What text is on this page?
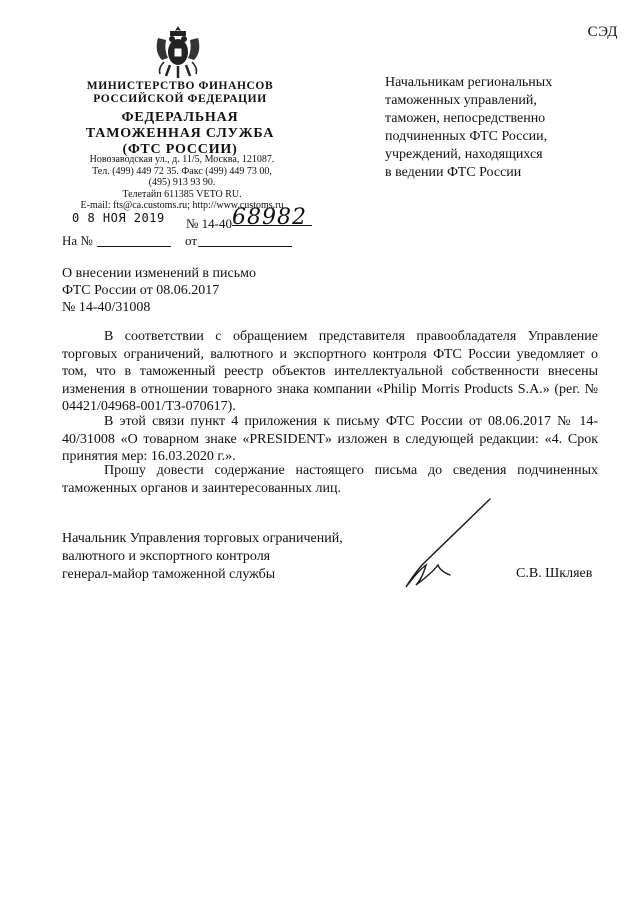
СЭД
МИНИСТЕРСТВО ФИНАНСОВ
РОССИЙСКОЙ ФЕДЕРАЦИИ
ФЕДЕРАЛЬНАЯ
ТАМОЖЕННАЯ СЛУЖБА
(ФТС РОССИИ)
Новозаводская ул., д. 11/5, Москва, 121087.
Тел. (499) 449 72 35. Факс (499) 449 73 00,
(495) 913 93 90.
Телетайп 611385 VETO RU.
E-mail: fts@ca.customs.ru; http://www.customs.ru
0 8 НОЯ 2019 № 14-4068982
На №	от
Начальникам региональных
таможенных управлений,
таможен, непосредственно
подчиненных ФТС России,
учреждений, находящихся
в ведении ФТС России
О внесении изменений в письмо
ФТС России от 08.06.2017
№ 14-40/31008
В соответствии с обращением представителя правообладателя Управление торговых ограничений, валютного и экспортного контроля ФТС России уведомляет о том, что в таможенный реестр объектов интеллектуальной собственности внесены изменения в отношении товарного знака компании «Philip Morris Products S.A.» (рег. № 04421/04968-001/ТЗ-070617).
В этой связи пункт 4 приложения к письму ФТС России от 08.06.2017 № 14-40/31008 «О товарном знаке «PRESIDENT» изложен в следующей редакции: «4. Срок принятия мер: 16.03.2020 г.».
Прошу довести содержание настоящего письма до сведения подчиненных таможенных органов и заинтересованных лиц.
Начальник Управления торговых ограничений,
валютного и экспортного контроля
генерал-майор таможенной службы	С.В. Шкляев
